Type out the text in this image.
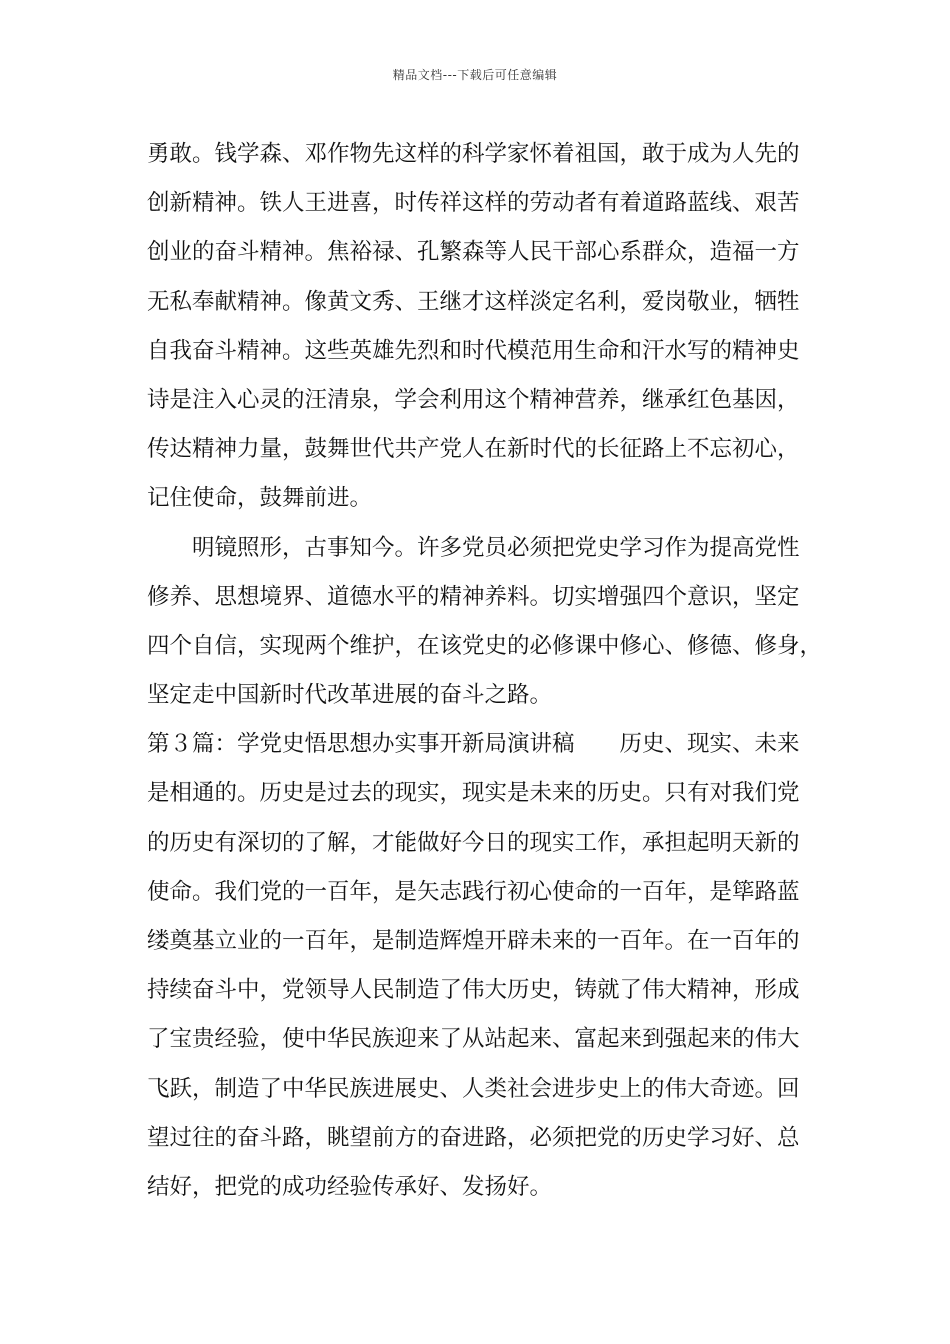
精品文档---下载后可任意编辑
勇敢。钱学森、邓作物先这样的科学家怀着祖国，敢于成为人先的
创新精神。铁人王进喜，时传祥这样的劳动者有着道路蓝线、艰苦
创业的奋斗精神。焦裕禄、孔繁森等人民干部心系群众，造福一方
无私奉献精神。像黄文秀、王继才这样淡定名利，爱岗敬业，牺牲
自我奋斗精神。这些英雄先烈和时代模范用生命和汗水写的精神史
诗是注入心灵的汪清泉，学会利用这个精神营养，继承红色基因，
传达精神力量，鼓舞世代共产党人在新时代的长征路上不忘初心，
记住使命，鼓舞前进。
　　明镜照形，古事知今。许多党员必须把党史学习作为提高党性
修养、思想境界、道德水平的精神养料。切实增强四个意识，坚定
四个自信，实现两个维护，在该党史的必修课中修心、修德、修身，
坚定走中国新时代改革进展的奋斗之路。
第３篇：学党史悟思想办实事开新局演讲稿　　历史、现实、未来
是相通的。历史是过去的现实，现实是未来的历史。只有对我们党
的历史有深切的了解，才能做好今日的现实工作，承担起明天新的
使命。我们党的一百年，是矢志践行初心使命的一百年，是筚路蓝
缕奠基立业的一百年，是制造辉煌开辟未来的一百年。在一百年的
持续奋斗中，党领导人民制造了伟大历史，铸就了伟大精神，形成
了宝贵经验，使中华民族迎来了从站起来、富起来到强起来的伟大
飞跃，制造了中华民族进展史、人类社会进步史上的伟大奇迹。回
望过往的奋斗路，眺望前方的奋进路，必须把党的历史学习好、总
结好，把党的成功经验传承好、发扬好。
